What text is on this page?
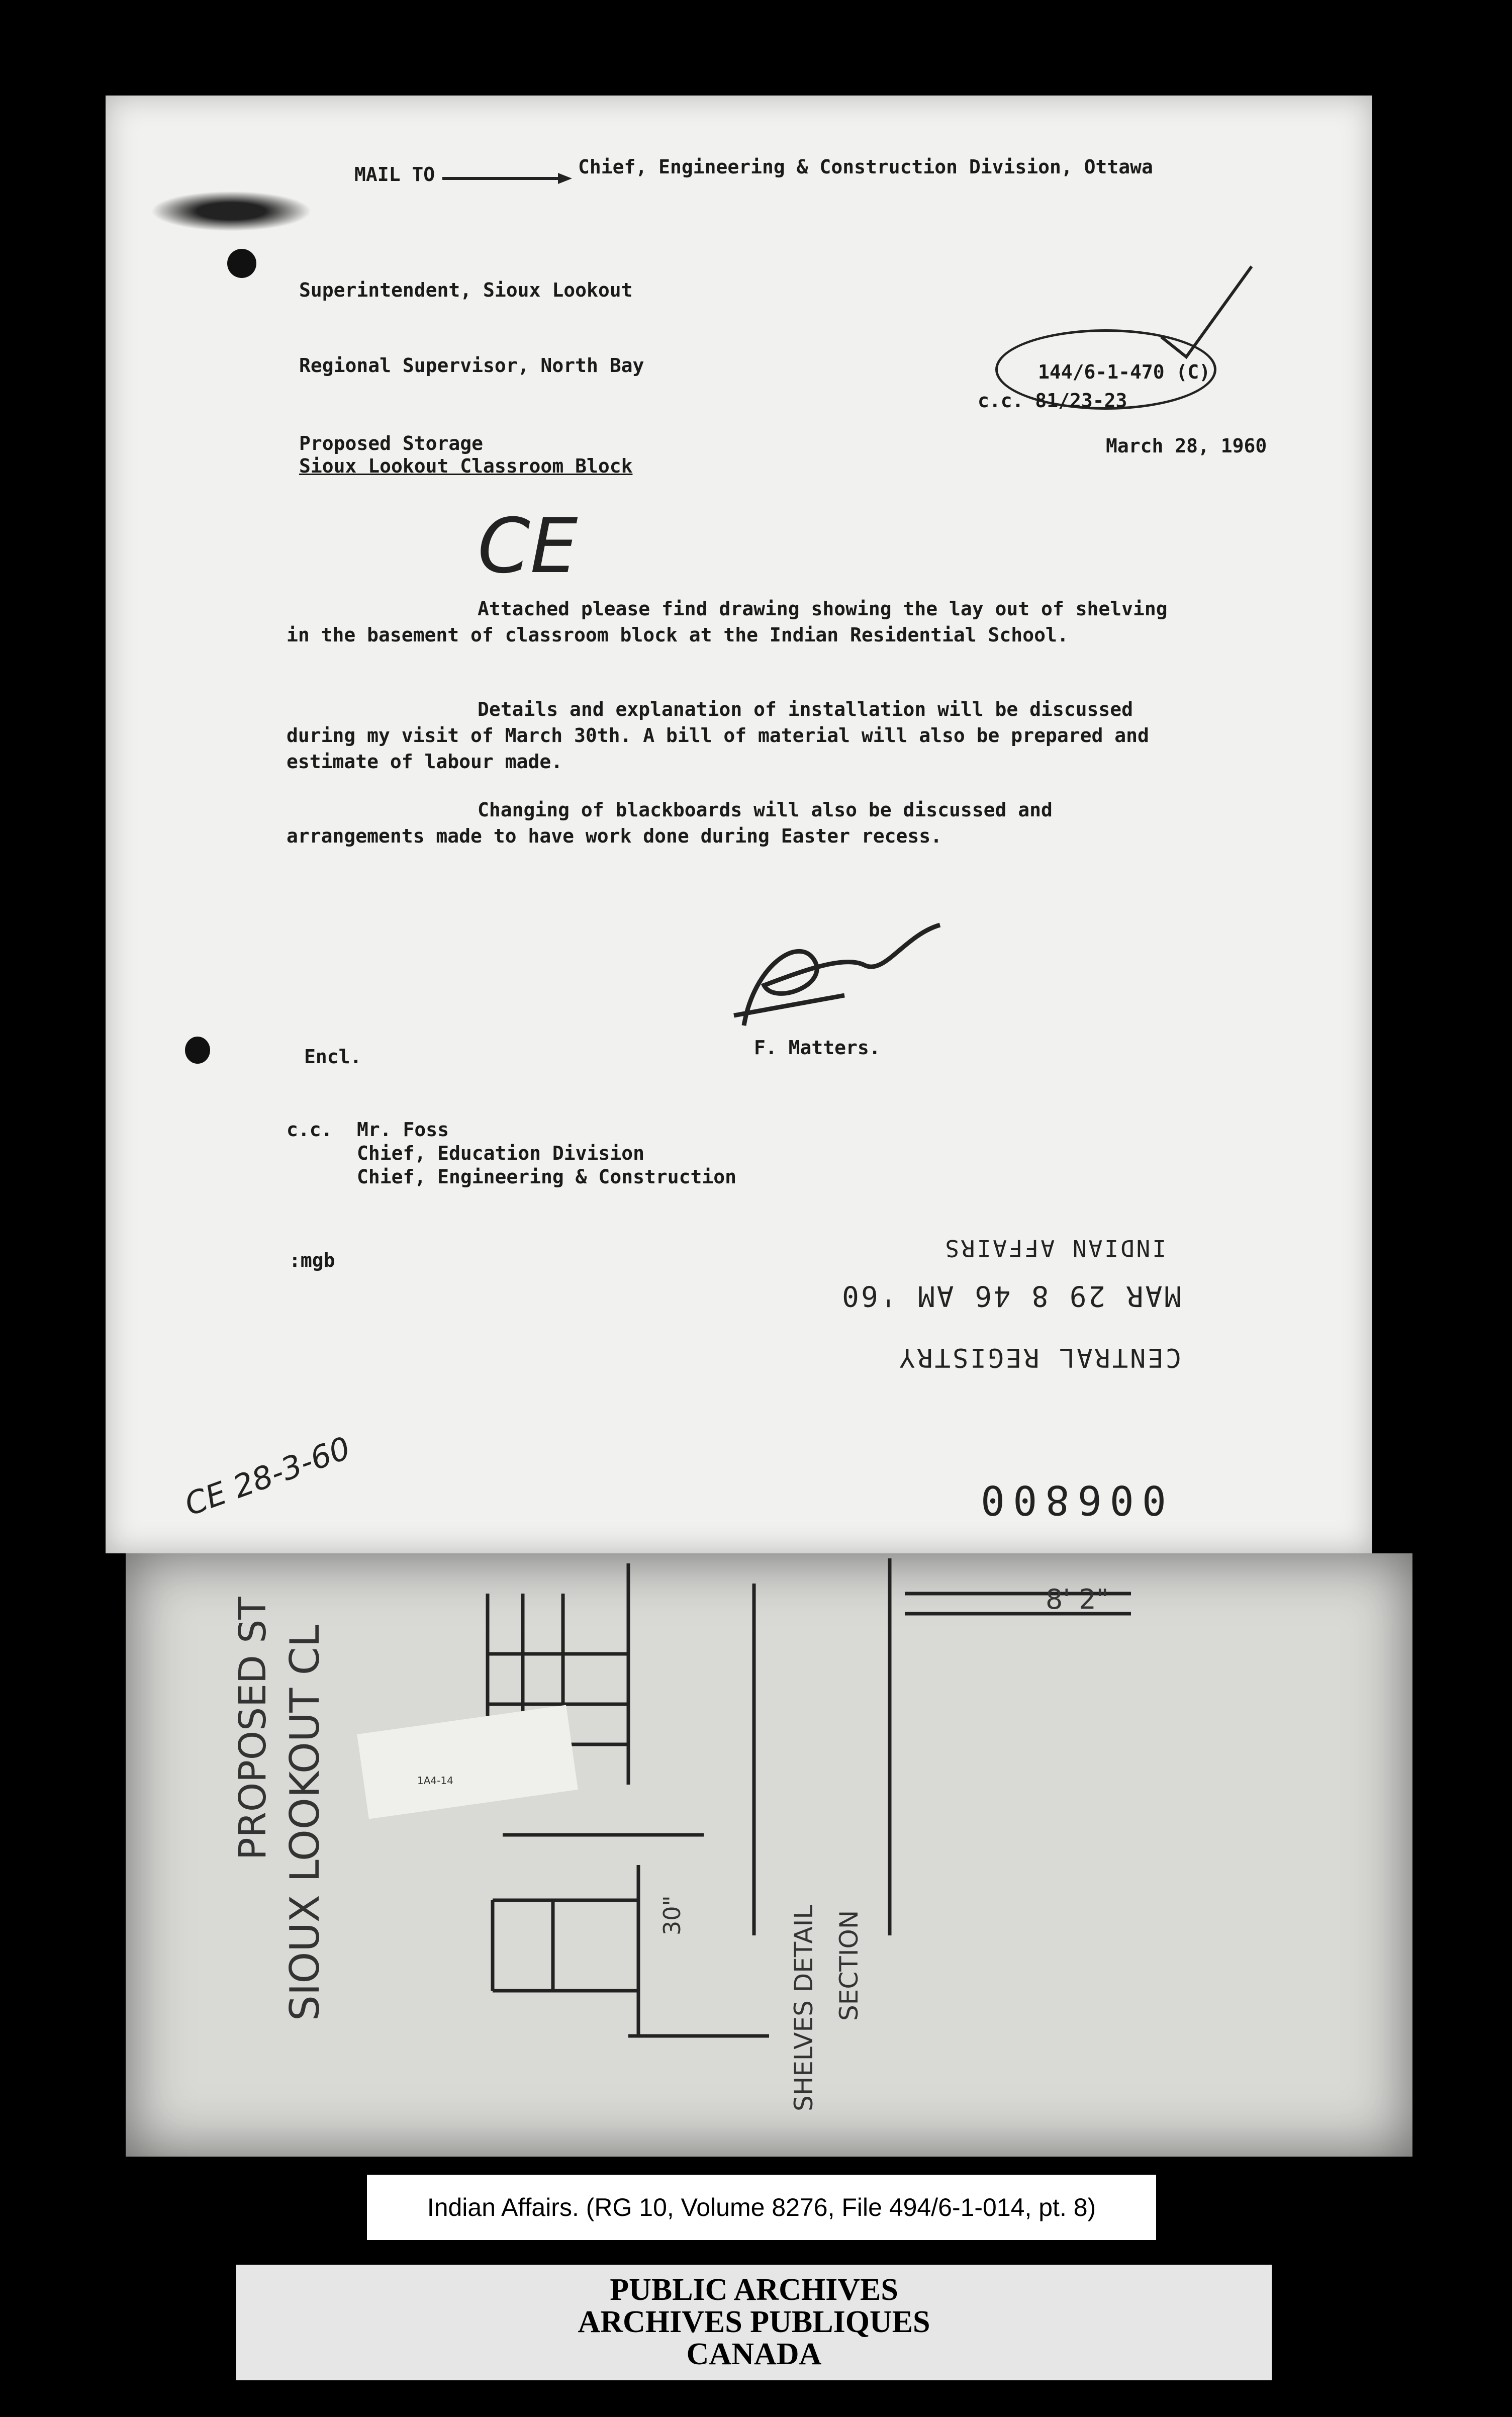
MAIL TO	Chief, Engineering & Construction Division, Ottawa
Superintendent, Sioux Lookout
Regional Supervisor, North Bay	144/6-1-470 (C)
c.c. 81/23-23
Proposed Storage
Sioux Lookout Classroom Block
March 28, 1960
CE
Attached please find drawing showing the lay out of shelving in the basement of classroom block at the Indian Residential School.
Details and explanation of installation will be discussed during my visit of March 30th. A bill of material will also be prepared and estimate of labour made.
Changing of blackboards will also be discussed and arrangements made to have work done during Easter recess.
F. Matters.
Encl.
c.c. Mr. Foss
Chief, Education Division
Chief, Engineering & Construction
:mgb
006800
CENTRAL REGISTRY
MAR 29 8 46 AM '60
INDIAN AFFAIRS
CE 28-3-60
1A4-14
PROPOSED ST SIOUX LOOKOUT CL
8' 2"
30"	SHELVES DETAIL SECTION
Indian Affairs. (RG 10, Volume 8276, File 494/6-1-014, pt. 8)
PUBLIC ARCHIVES
ARCHIVES PUBLIQUES
CANADA
